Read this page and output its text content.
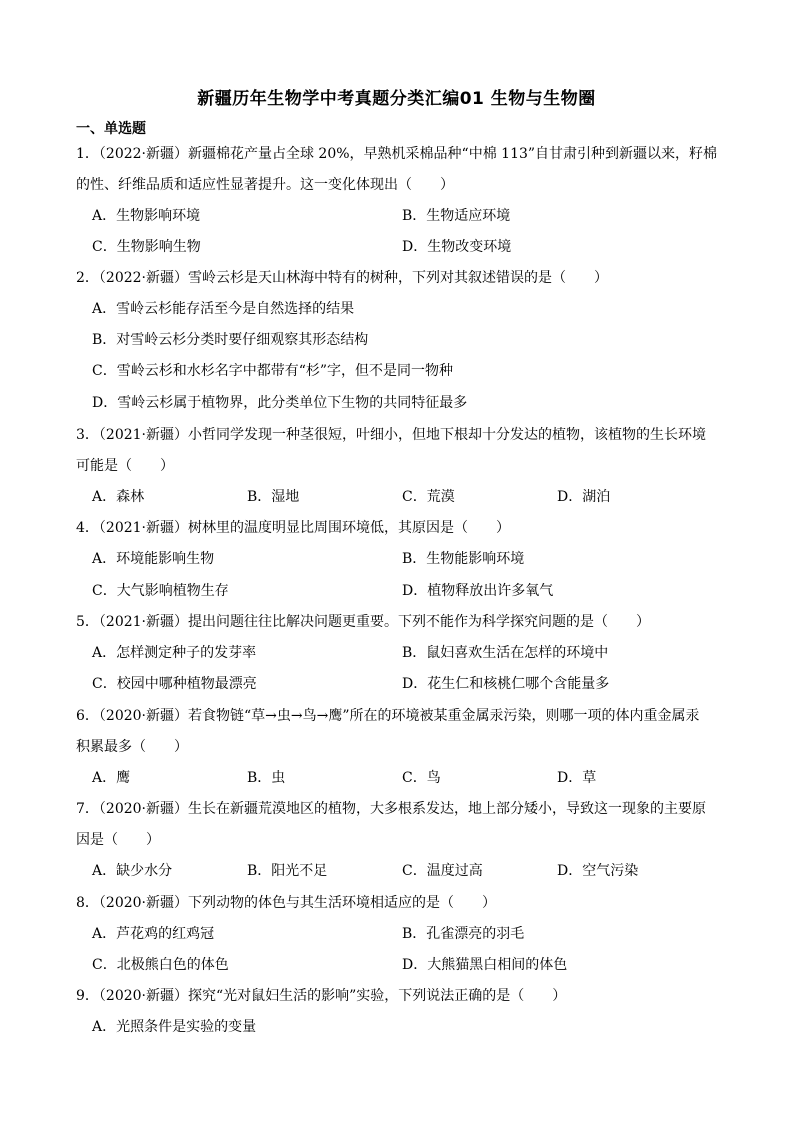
新疆历年生物学中考真题分类汇编01 生物与生物圈
一、单选题
1．（2022·新疆）新疆棉花产量占全球 20%，早熟机采棉品种“中棉 113”自甘肃引种到新疆以来，籽棉
的性、纤维品质和适应性显著提升。这一变化体现出（　　）
A．生物影响环境	B．生物适应环境
C．生物影响生物	D．生物改变环境
2．（2022·新疆）雪岭云杉是天山林海中特有的树种，下列对其叙述错误的是（　　）
A．雪岭云杉能存活至今是自然选择的结果
B．对雪岭云杉分类时要仔细观察其形态结构
C．雪岭云杉和水杉名字中都带有“杉”字，但不是同一物种
D．雪岭云杉属于植物界，此分类单位下生物的共同特征最多
3．（2021·新疆）小哲同学发现一种茎很短，叶细小，但地下根却十分发达的植物，该植物的生长环境
可能是（　　）
A．森林	B．湿地	C．荒漠	D．湖泊
4．（2021·新疆）树林里的温度明显比周围环境低，其原因是（　　）
A．环境能影响生物	B．生物能影响环境
C．大气影响植物生存	D．植物释放出许多氧气
5．（2021·新疆）提出问题往往比解决问题更重要。下列不能作为科学探究问题的是（　　）
A．怎样测定种子的发芽率	B．鼠妇喜欢生活在怎样的环境中
C．校园中哪种植物最漂亮	D．花生仁和核桃仁哪个含能量多
6．（2020·新疆）若食物链“草→虫→鸟→鹰”所在的环境被某重金属汞污染，则哪一项的体内重金属汞
积累最多（　　）
A．鹰	B．虫	C．鸟	D．草
7．（2020·新疆）生长在新疆荒漠地区的植物，大多根系发达，地上部分矮小，导致这一现象的主要原
因是（　　）
A．缺少水分	B．阳光不足	C．温度过高	D．空气污染
8．（2020·新疆）下列动物的体色与其生活环境相适应的是（　　）
A．芦花鸡的红鸡冠	B．孔雀漂亮的羽毛
C．北极熊白色的体色	D．大熊猫黑白相间的体色
9．（2020·新疆）探究“光对鼠妇生活的影响”实验，下列说法正确的是（　　）
A．光照条件是实验的变量
